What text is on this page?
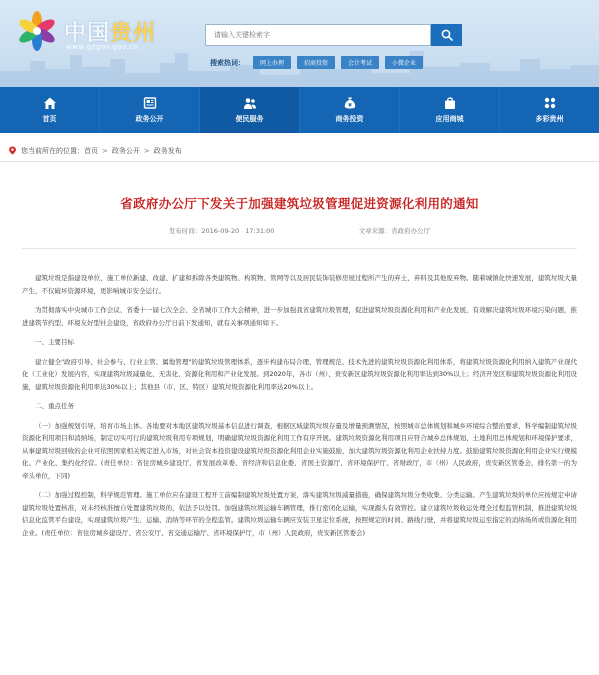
中国贵州
www.gzgov.gov.cn
请输入关键检索字
搜索热词：	网上办理	招商投资	会计考试	小微企业
首页	政务公开	便民服务
¥
商务投资	应用商城	多彩贵州
您当前所在的位置： 首页 > 政务公开 > 政务发布
省政府办公厅下发关于加强建筑垃圾管理促进资源化利用的通知
发布时间：2016-09-20 17:31:00	文章来源：省政府办公厅

建筑垃圾是指建设单位、施工单位新建、改建、扩建和拆除各类建筑物、构筑物、管网等以及居民装饰装修房屋过程所产生的弃土、弃料及其他废弃物。随着城镇化快速发展，建筑垃圾大量产生，不仅破坏资源环境，更影响城市安全运行。

为贯彻落实中央城市工作会议、省委十一届七次全会、全省城市工作大会精神，进一步加强我省建筑垃圾管理，促进建筑垃圾资源化利用和产业化发展，有效解决建筑垃圾环境污染问题，推进建筑节约型、环境友好型社会建设，省政府办公厅日前下发通知，就有关事项通知如下。

一、主要目标

建立健全"政府引导、社会参与、行业主管、属地管理"的建筑垃圾管理体系，逐步构建布局合理、管理规范、技术先进的建筑垃圾资源化利用体系，将建筑垃圾资源化利用纳入建筑产业现代化（工业化）发展内容，实现建筑垃圾减量化、无害化、资源化利用和产业化发展。到2020年，各市（州）、贵安新区建筑垃圾资源化利用率达到30%以上；经济开发区和建筑垃圾资源化利用设施，建筑垃圾资源化利用率达30%以上；其他县（市、区、特区）建筑垃圾资源化利用率达20%以上。

二、重点任务

（一）加强规划引导，培育市场主体。各地要对本地区建筑垃圾基本信息进行调查，根据区域建筑垃圾存量及增量预测情况，按照城市总体规划和城乡环境综合整治要求，科学编制建筑垃圾资源化利用项目和消纳场，制定切实可行的建筑垃圾利用专项规划，明确建筑垃圾资源化利用工作有序开展。建筑垃圾资源化利用项目应符合城乡总体规划、土地利用总体规划和环境保护要求，从事建筑垃圾回收的企业可依照国家相关规定进入市场，对社会资本投资建设建筑垃圾资源化利用企业实施鼓励，加大建筑垃圾资源化利用企业扶持力度。鼓励建筑垃圾资源化利用企业实行规模化、产业化、集约化经营。(责任单位：省住房城乡建设厅、省发展改革委、省经济和信息化委、省国土资源厅、省环境保护厅、省财政厅，市（州）人民政府，贵安新区管委会，排名第一的为牵头单位，下同)

（二）加强过程控制，科学规范管理。施工单位应在建设工程开工前编制建筑垃圾处置方案，落实建筑垃圾减量措施，确保建筑垃圾分类收集、分类运输。产生建筑垃圾的单位应按规定申请建筑垃圾处置核准，对未经核准擅自处置建筑垃圾的，依法予以处罚。加强建筑垃圾运输车辆管理，推行密闭化运输，实现源头有效管控。建立建筑垃圾收运处理全过程监管机制，推进建筑垃圾信息化监管平台建设，实现建筑垃圾产生、运输、消纳等环节的全程监管。建筑垃圾运输车辆应安装卫星定位系统，按照规定的时间、路线行驶，并将建筑垃圾运至指定的消纳场所或资源化利用企业。(责任单位：省住房城乡建设厅、省公安厅、省交通运输厅、省环境保护厅，市（州）人民政府，贵安新区管委会)
